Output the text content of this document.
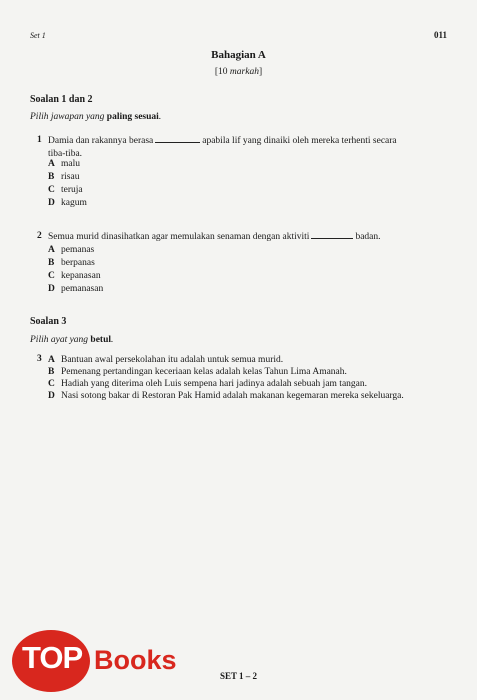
Set 1	011
Bahagian A
[10 markah]
Soalan 1 dan 2
Pilih jawapan yang paling sesuai.
1 Damia dan rakannya berasa	apabila lif yang dinaiki oleh mereka terhenti secara
tiba-tiba.
A malu
B risau
C teruja
D kagum
2 Semua murid dinasihatkan agar memulakan senaman dengan aktiviti	badan.
A pemanas
B berpanas
C kepanasan
D pemanasan
Soalan 3
Pilih ayat yang betul.
3 A Bantuan awal persekolahan itu adalah untuk semua murid.
B Pemenang pertandingan keceriaan kelas adalah kelas Tahun Lima Amanah.
C Hadiah yang diterima oleh Luis sempena hari jadinya adalah sebuah jam tangan.
D Nasi sotong bakar di Restoran Pak Hamid adalah makanan kegemaran mereka sekeluarga.
SET 1 – 2
TOP Books
